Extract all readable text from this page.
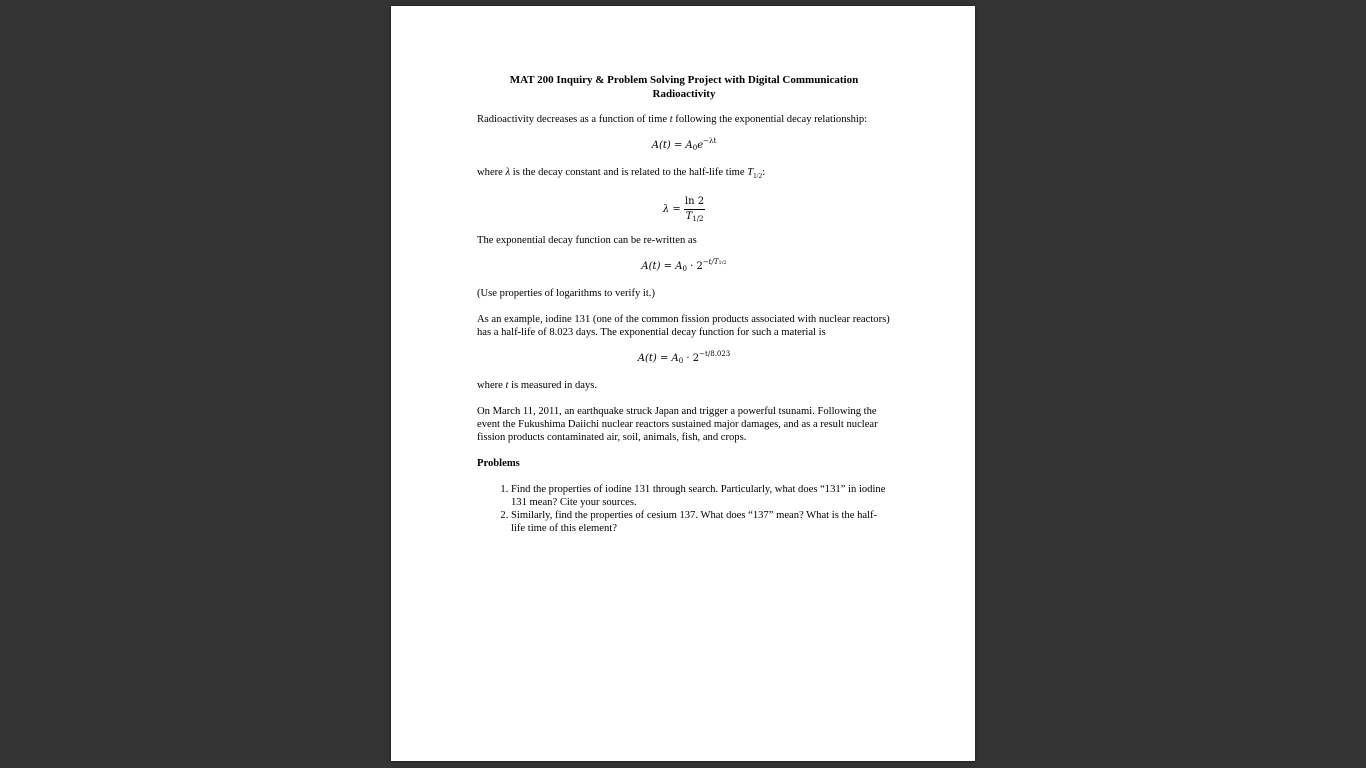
MAT 200 Inquiry & Problem Solving Project with Digital Communication
Radioactivity

Radioactivity decreases as a function of time t following the exponential decay relationship:

$A(t) = A_0e^{-\lambda t}$

where λ is the decay constant and is related to the half-life time $T_{1/2}$:

$\lambda = \frac{\ln 2}{T_{1/2}}$

The exponential decay function can be re-written as

$A(t) = A_0 \cdot 2^{-t/T1/2}$

(Use properties of logarithms to verify it.)

As an example, iodine 131 (one of the common fission products associated with nuclear reactors) has a half-life of 8.023 days. The exponential decay function for such a material is

$A(t) = A_0 \cdot 2^{-t/8.023}$

where t is measured in days.

On March 11, 2011, an earthquake struck Japan and trigger a powerful tsunami. Following the event the Fukushima Daiichi nuclear reactors sustained major damages, and as a result nuclear fission products contaminated air, soil, animals, fish, and crops.

Problems
1. Find the properties of iodine 131 through search. Particularly, what does “131” in iodine 131 mean? Cite your sources.
2. Similarly, find the properties of cesium 137. What does “137” mean? What is the half-life time of this element?
